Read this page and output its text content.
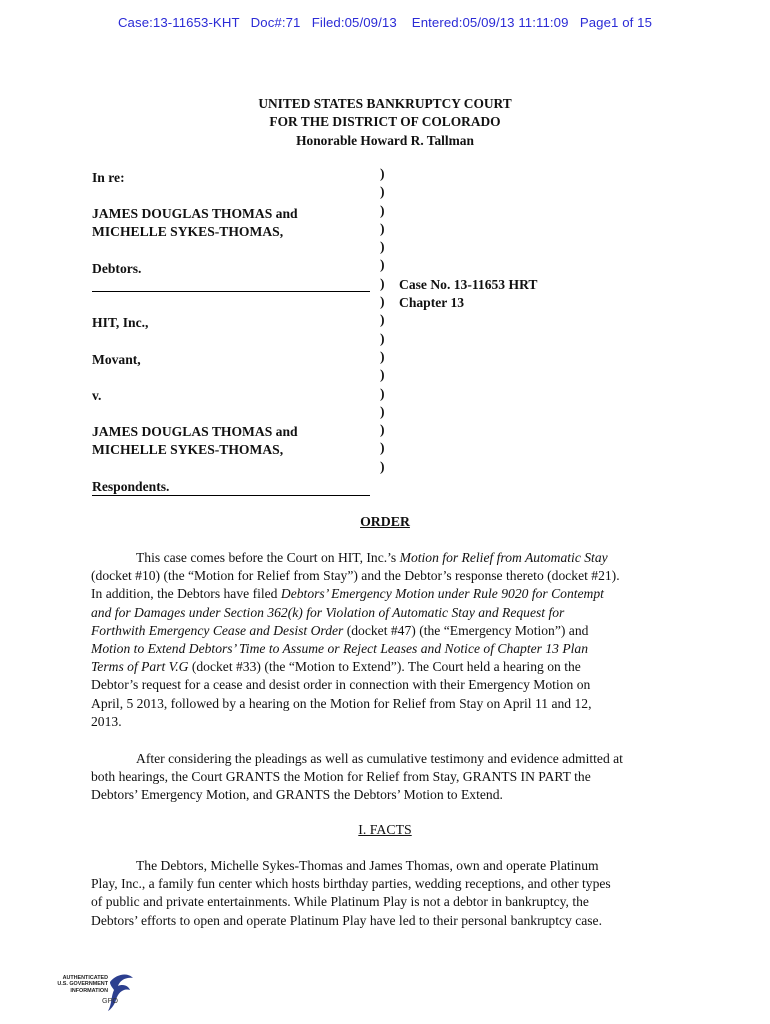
Case:13-11653-KHT   Doc#:71   Filed:05/09/13    Entered:05/09/13 11:11:09   Page1 of 15
UNITED STATES BANKRUPTCY COURT
FOR THE DISTRICT OF COLORADO
Honorable Howard R. Tallman
In re:
JAMES DOUGLAS THOMAS and
MICHELLE SYKES-THOMAS,
Debtors.
HIT, Inc.,
Movant,
v.
JAMES DOUGLAS THOMAS and
MICHELLE SYKES-THOMAS,
Respondents.
)
)
)
)
)
)
)
)
)
)
)
)
)
)
)
)
)
Case No. 13-11653 HRT
Chapter 13
ORDER
This case comes before the Court on HIT, Inc.’s Motion for Relief from Automatic Stay
(docket #10) (the “Motion for Relief from Stay”) and the Debtor’s response thereto (docket #21).
In addition, the Debtors have filed Debtors’ Emergency Motion under Rule 9020 for Contempt
and for Damages under Section 362(k) for Violation of Automatic Stay and Request for
Forthwith Emergency Cease and Desist Order (docket #47) (the “Emergency Motion”) and
Motion to Extend Debtors’ Time to Assume or Reject Leases and Notice of Chapter 13 Plan
Terms of Part V.G (docket #33) (the “Motion to Extend”). The Court held a hearing on the
Debtor’s request for a cease and desist order in connection with their Emergency Motion on
April, 5 2013, followed by a hearing on the Motion for Relief from Stay on April 11 and 12,
2013.
After considering the pleadings as well as cumulative testimony and evidence admitted at
both hearings, the Court GRANTS the Motion for Relief from Stay, GRANTS IN PART the
Debtors’ Emergency Motion, and GRANTS the Debtors’ Motion to Extend.
I. FACTS
The Debtors, Michelle Sykes-Thomas and James Thomas, own and operate Platinum
Play, Inc., a family fun center which hosts birthday parties, wedding receptions, and other types
of public and private entertainments. While Platinum Play is not a debtor in bankruptcy, the
Debtors’ efforts to open and operate Platinum Play have led to their personal bankruptcy case.
AUTHENTICATED
U.S. GOVERNMENT
INFORMATION
GPO
